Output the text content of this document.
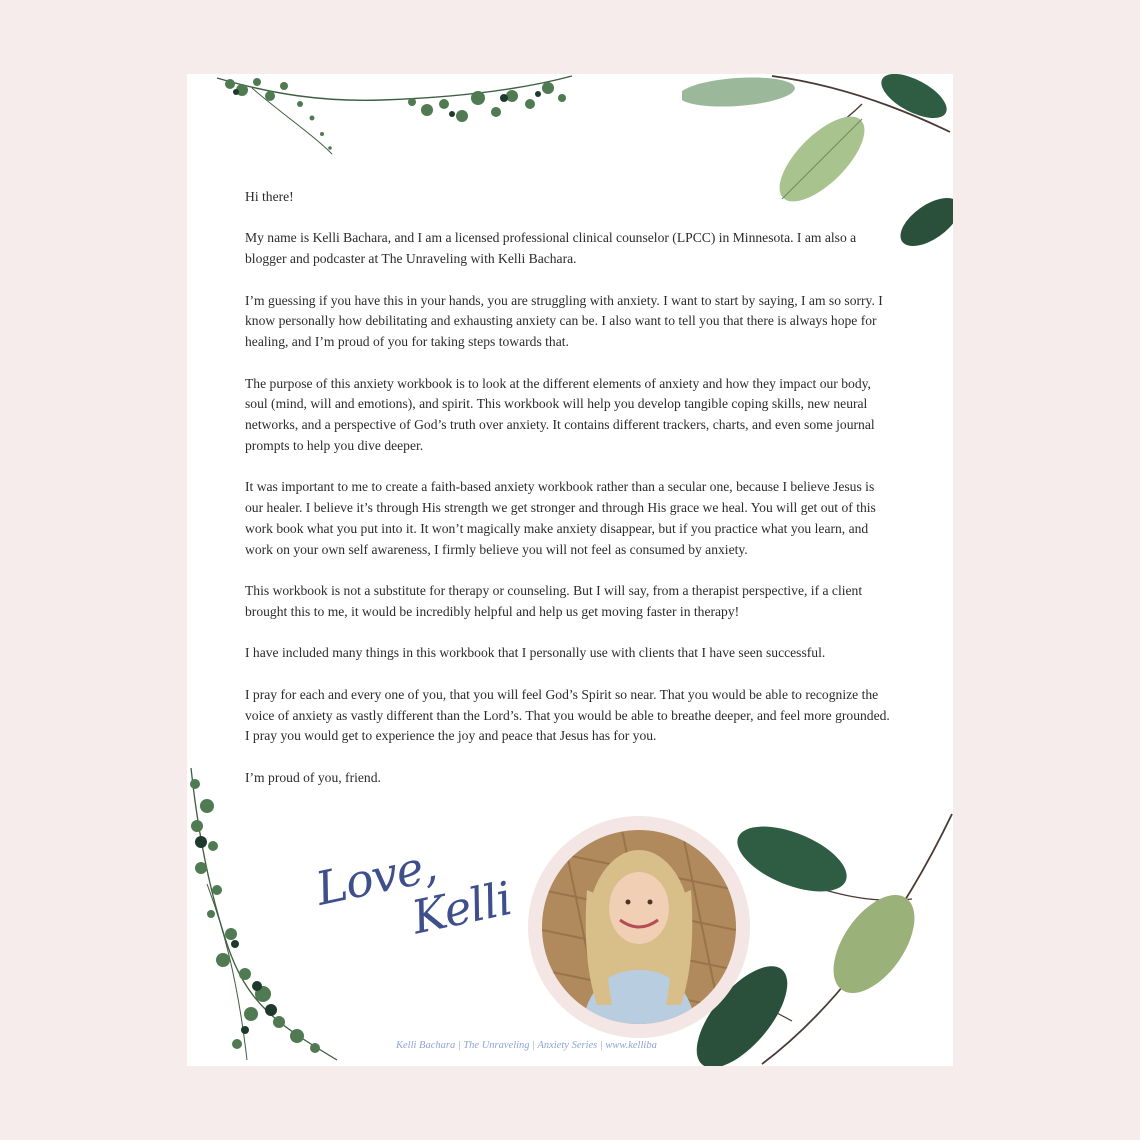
Hi there!

My name is Kelli Bachara, and I am a licensed professional clinical counselor (LPCC) in Minnesota. I am also a blogger and podcaster at The Unraveling with Kelli Bachara.

I’m guessing if you have this in your hands, you are struggling with anxiety. I want to start by saying, I am so sorry. I know personally how debilitating and exhausting anxiety can be. I also want to tell you that there is always hope for healing, and I’m proud of you for taking steps towards that.

The purpose of this anxiety workbook is to look at the different elements of anxiety and how they impact our body, soul (mind, will and emotions), and spirit. This workbook will help you develop tangible coping skills, new neural networks, and a perspective of God’s truth over anxiety. It contains different trackers, charts, and even some journal prompts to help you dive deeper.

It was important to me to create a faith-based anxiety workbook rather than a secular one, because I believe Jesus is our healer. I believe it’s through His strength we get stronger and through His grace we heal. You will get out of this work book what you put into it. It won’t magically make anxiety disappear, but if you practice what you learn, and work on your own self awareness, I firmly believe you will not feel as consumed by anxiety.

This workbook is not a substitute for therapy or counseling. But I will say, from a therapist perspective, if a client brought this to me, it would be incredibly helpful and help us get moving faster in therapy!

I have included many things in this workbook that I personally use with clients that I have seen successful.

I pray for each and every one of you, that you will feel God’s Spirit so near. That you would be able to recognize the voice of anxiety as vastly different than the Lord’s. That you would be able to breathe deeper, and feel more grounded. I pray you would get to experience the joy and peace that Jesus has for you.

I’m proud of you, friend.

Love,
Kelli
Kelli Bachara | The Unraveling | Anxiety Series | www.kelliba
